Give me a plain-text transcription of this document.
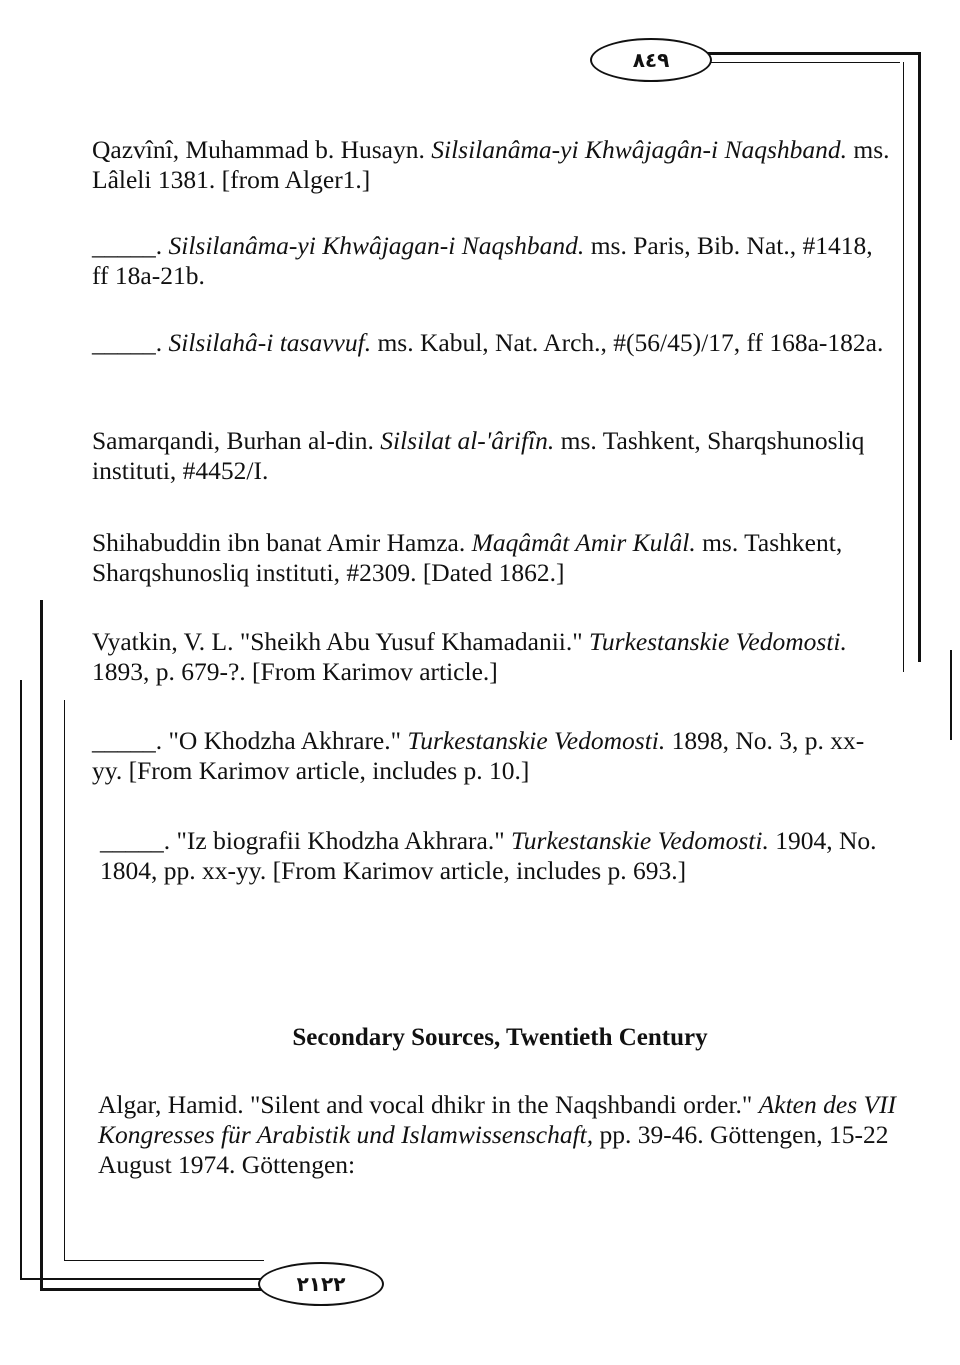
٨٤٩
۲۱۲۲
Qazvînî, Muhammad b. Husayn. Silsilanâma-yi Khwâjagân-i Naqshband. ms. Lâleli 1381. [from Alger1.]
_____. Silsilanâma-yi Khwâjagan-i Naqshband. ms. Paris, Bib. Nat., #1418, ff 18a-21b.
_____. Silsilahâ-i tasavvuf. ms. Kabul, Nat. Arch., #(56/45)/17, ff 168a-182a.
Samarqandi, Burhan al-din. Silsilat al-'ârifîn. ms. Tashkent, Sharqshunosliq instituti, #4452/I.
Shihabuddin ibn banat Amir Hamza. Maqâmât Amir Kulâl. ms. Tashkent, Sharqshunosliq instituti, #2309. [Dated 1862.]
Vyatkin, V. L. "Sheikh Abu Yusuf Khamadanii." Turkestanskie Vedomosti. 1893, p. 679-?. [From Karimov article.]
_____. "O Khodzha Akhrare." Turkestanskie Vedomosti. 1898, No. 3, p. xx-yy. [From Karimov article, includes p. 10.]
_____. "Iz biografii Khodzha Akhrara." Turkestanskie Vedomosti. 1904, No. 1804, pp. xx-yy. [From Karimov article, includes p. 693.]
Secondary Sources, Twentieth Century
Algar, Hamid. "Silent and vocal dhikr in the Naqshbandi order." Akten des VII Kongresses für Arabistik und Islamwissenschaft, pp. 39-46. Göttengen, 15-22 August 1974. Göttengen:
